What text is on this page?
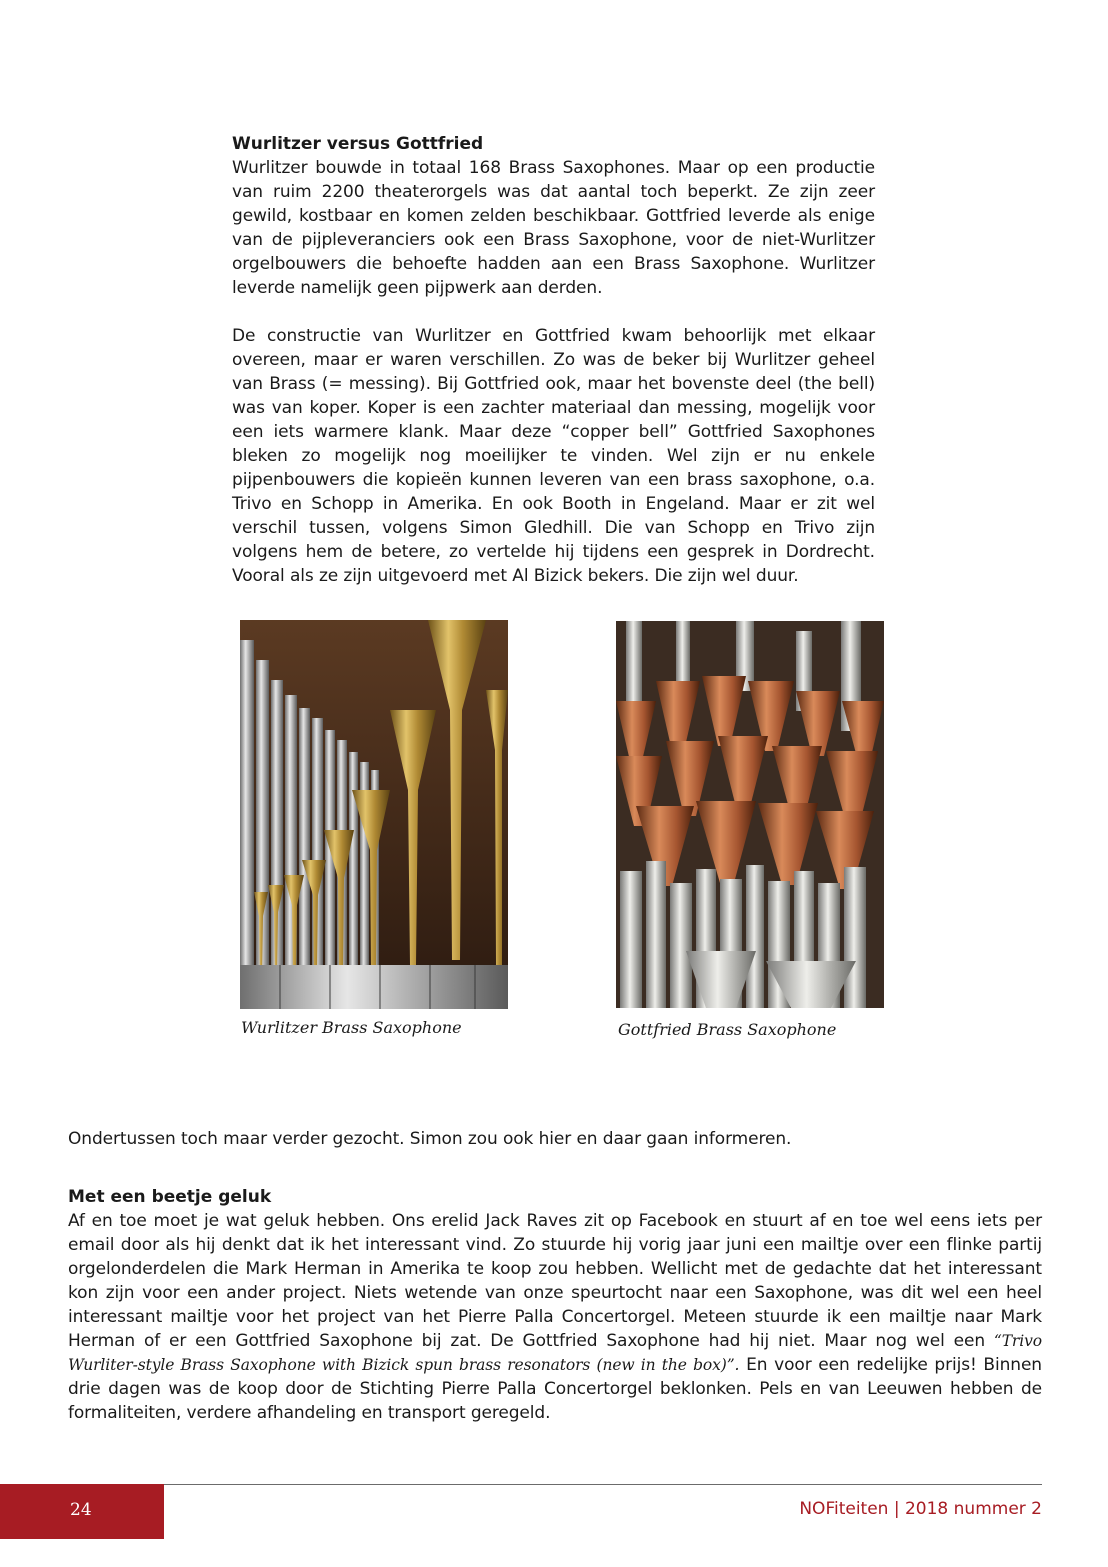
Wurlitzer versus Gottfried

Wurlitzer bouwde in totaal 168 Brass Saxophones. Maar op een productie van ruim 2200 theaterorgels was dat aantal toch beperkt. Ze zijn zeer gewild, kostbaar en komen zelden beschikbaar. Gottfried leverde als enige van de pijpleveranciers ook een Brass Saxophone, voor de niet-Wurlitzer orgelbouwers die behoefte hadden aan een Brass Saxophone. Wurlitzer leverde namelijk geen pijpwerk aan derden.

De constructie van Wurlitzer en Gottfried kwam behoorlijk met elkaar overeen, maar er waren verschillen. Zo was de beker bij Wurlitzer geheel van Brass (= messing). Bij Gottfried ook, maar het bovenste deel (the bell) was van koper. Koper is een zachter materiaal dan messing, mogelijk voor een iets warmere klank. Maar deze “copper bell” Gottfried Saxophones bleken zo mogelijk nog moeilijker te vinden. Wel zijn er nu enkele pijpenbouwers die kopieën kunnen leveren van een brass saxophone, o.a. Trivo en Schopp in Amerika. En ook Booth in Engeland. Maar er zit wel verschil tussen, volgens Simon Gledhill. Die van Schopp en Trivo zijn volgens hem de betere, zo vertelde hij tijdens een gesprek in Dordrecht. Vooral als ze zijn uitgevoerd met Al Bizick bekers. Die zijn wel duur.

Wurlitzer Brass Saxophone	Gottfried Brass Saxophone

Ondertussen toch maar verder gezocht. Simon zou ook hier en daar gaan informeren.

Met een beetje geluk

Af en toe moet je wat geluk hebben. Ons erelid Jack Raves zit op Facebook en stuurt af en toe wel eens iets per email door als hij denkt dat ik het interessant vind. Zo stuurde hij vorig jaar juni een mailtje over een flinke partij orgelonderdelen die Mark Herman in Amerika te koop zou hebben. Wellicht met de gedachte dat het interessant kon zijn voor een ander project. Niets wetende van onze speurtocht naar een Saxophone, was dit wel een heel interessant mailtje voor het project van het Pierre Palla Concertorgel. Meteen stuurde ik een mailtje naar Mark Herman of er een Gottfried Saxophone bij zat. De Gottfried Saxophone had hij niet. Maar nog wel een “Trivo Wurliter-style Brass Saxophone with Bizick spun brass resonators (new in the box)”. En voor een redelijke prijs! Binnen drie dagen was de koop door de Stichting Pierre Palla Concertorgel beklonken. Pels en van Leeuwen hebben de formaliteiten, verdere afhandeling en transport geregeld.

24	NOFiteiten | 2018 nummer 2
